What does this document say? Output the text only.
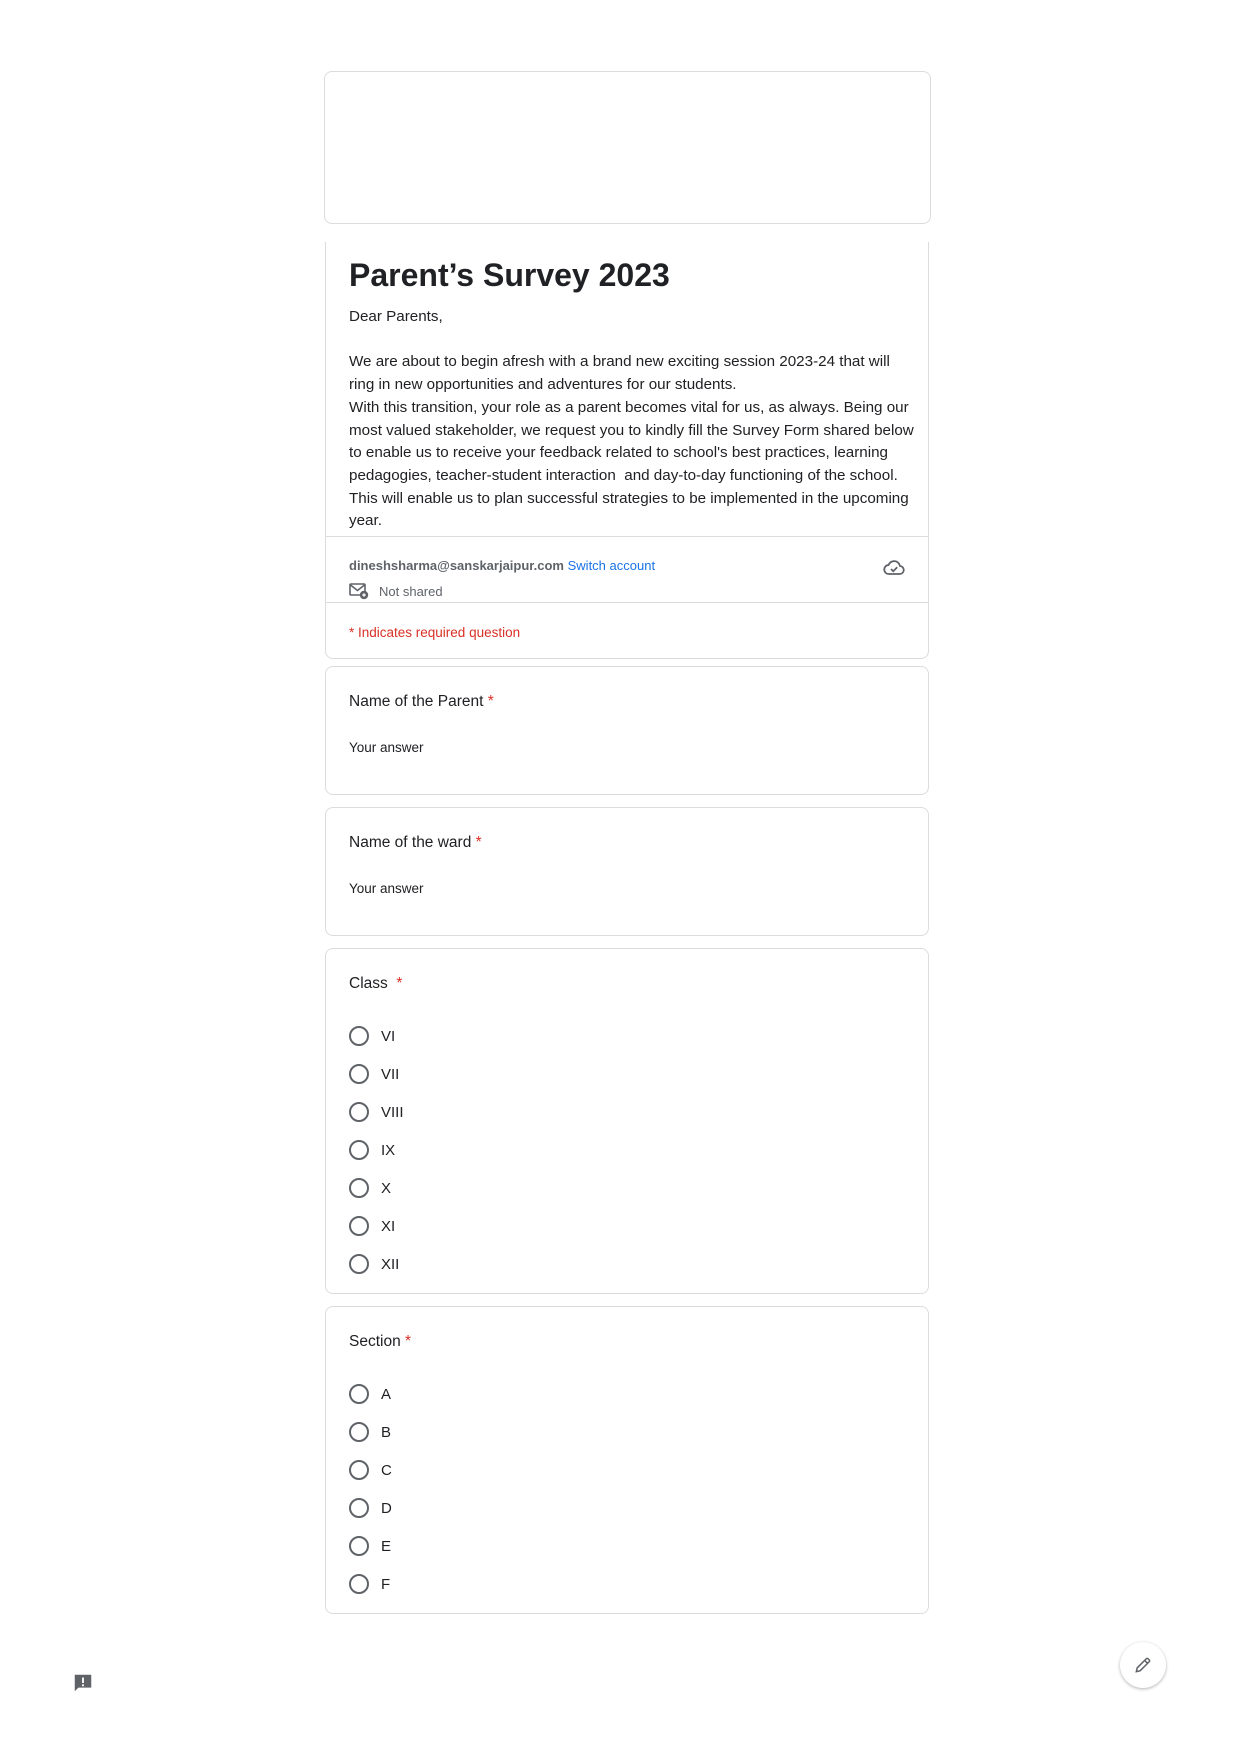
Parent’s Survey 2023
Dear Parents,

We are about to begin afresh with a brand new exciting session 2023-24 that will ring in new opportunities and adventures for our students.
With this transition, your role as a parent becomes vital for us, as always. Being our most valued stakeholder, we request you to kindly fill the Survey Form shared below to enable us to receive your feedback related to school's best practices, learning pedagogies, teacher-student interaction  and day-to-day functioning of the school. This will enable us to plan successful strategies to be implemented in the upcoming year.
dineshsharma@sanskarjaipur.com Switch account
Not shared
* Indicates required question
Name of the Parent *
Your answer
Name of the ward *
Your answer
Class *
VI
VII
VIII
IX
X
XI
XII
Section *
A
B
C
D
E
F
